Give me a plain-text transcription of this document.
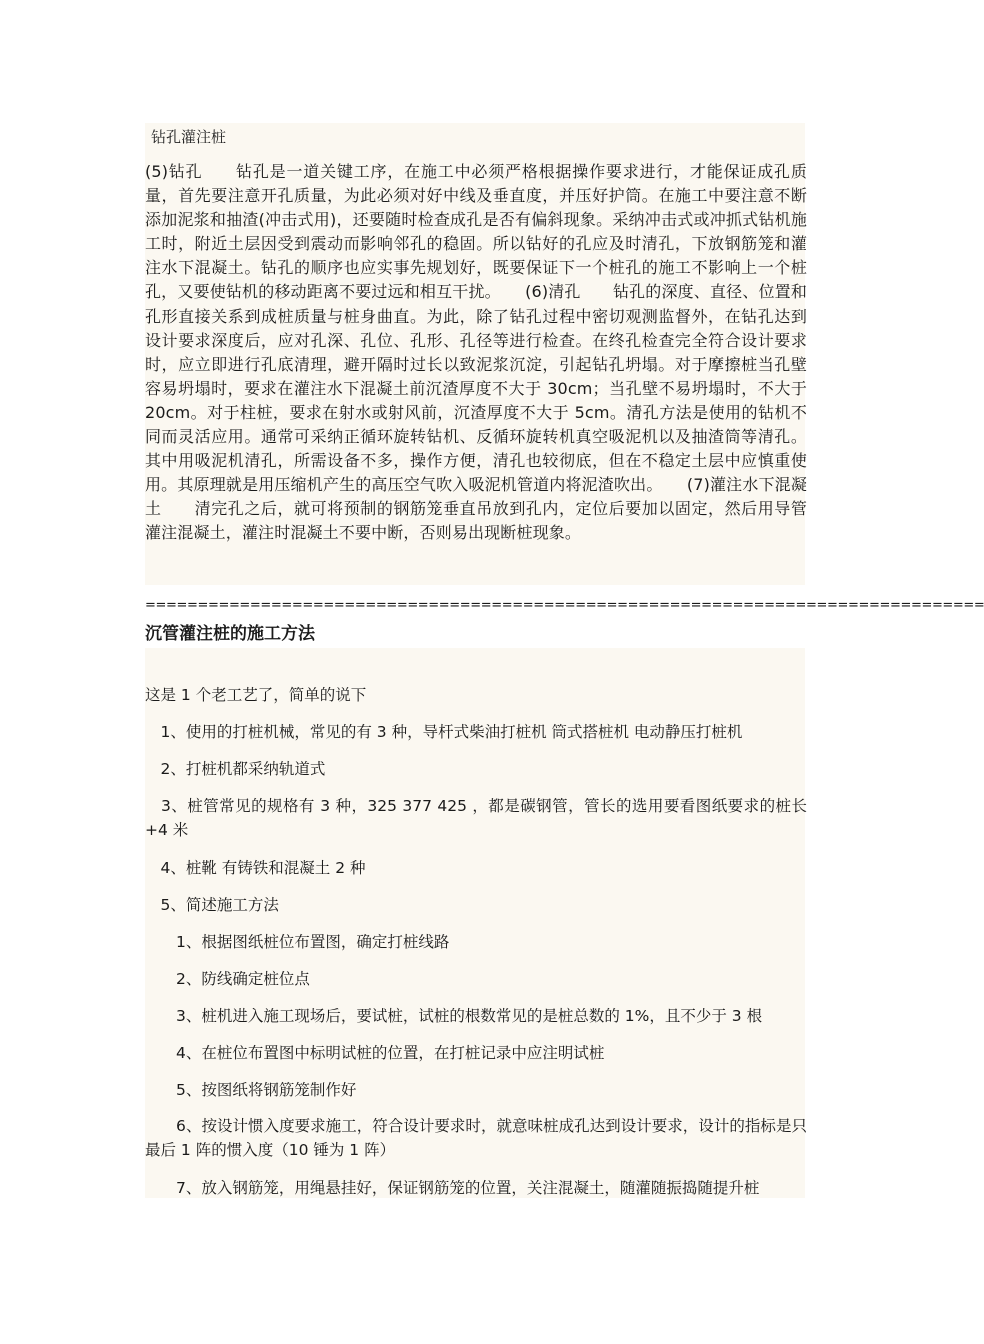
钻孔灌注桩
(5)钻孔　　钻孔是一道关键工序，在施工中必须严格根据操作要求进行，才能保证成孔质量，首先要注意开孔质量，为此必须对好中线及垂直度，并压好护筒。在施工中要注意不断添加泥浆和抽渣(冲击式用)，还要随时检查成孔是否有偏斜现象。采纳冲击式或冲抓式钻机施工时，附近土层因受到震动而影响邻孔的稳固。所以钻好的孔应及时清孔，下放钢筋笼和灌注水下混凝土。钻孔的顺序也应实事先规划好，既要保证下一个桩孔的施工不影响上一个桩孔，又要使钻机的移动距离不要过远和相互干扰。　　(6)清孔　　钻孔的深度、直径、位置和孔形直接关系到成桩质量与桩身曲直。为此，除了钻孔过程中密切观测监督外，在钻孔达到设计要求深度后，应对孔深、孔位、孔形、孔径等进行检查。在终孔检查完全符合设计要求时，应立即进行孔底清理，避开隔时过长以致泥浆沉淀，引起钻孔坍塌。对于摩擦桩当孔壁容易坍塌时，要求在灌注水下混凝土前沉渣厚度不大于 30cm；当孔壁不易坍塌时，不大于 20cm。对于柱桩，要求在射水或射风前，沉渣厚度不大于 5cm。清孔方法是使用的钻机不同而灵活应用。通常可采纳正循环旋转钻机、反循环旋转机真空吸泥机以及抽渣筒等清孔。其中用吸泥机清孔，所需设备不多，操作方便，清孔也较彻底，但在不稳定土层中应慎重使用。其原理就是用压缩机产生的高压空气吹入吸泥机管道内将泥渣吹出。　　(7)灌注水下混凝土　　清完孔之后，就可将预制的钢筋笼垂直吊放到孔内，定位后要加以固定，然后用导管灌注混凝土，灌注时混凝土不要中断，否则易出现断桩现象。
================================================================================
沉管灌注桩的施工方法
这是 1 个老工艺了，简单的说下
　1、使用的打桩机械，常见的有 3 种，导杆式柴油打桩机 筒式搭桩机 电动静压打桩机
　2、打桩机都采纳轨道式
　3、桩管常见的规格有 3 种，325 377 425 ，都是碳钢管，管长的选用要看图纸要求的桩长+4 米
　4、桩靴 有铸铁和混凝土 2 种
　5、简述施工方法
　　1、根据图纸桩位布置图，确定打桩线路
　　2、防线确定桩位点
　　3、桩机进入施工现场后，要试桩，试桩的根数常见的是桩总数的 1%，且不少于 3 根
　　4、在桩位布置图中标明试桩的位置，在打桩记录中应注明试桩
　　5、按图纸将钢筋笼制作好
　　6、按设计惯入度要求施工，符合设计要求时，就意味桩成孔达到设计要求，设计的指标是只最后 1 阵的惯入度（10 锤为 1 阵）
　　7、放入钢筋笼，用绳悬挂好，保证钢筋笼的位置，关注混凝土，随灌随振捣随提升桩
